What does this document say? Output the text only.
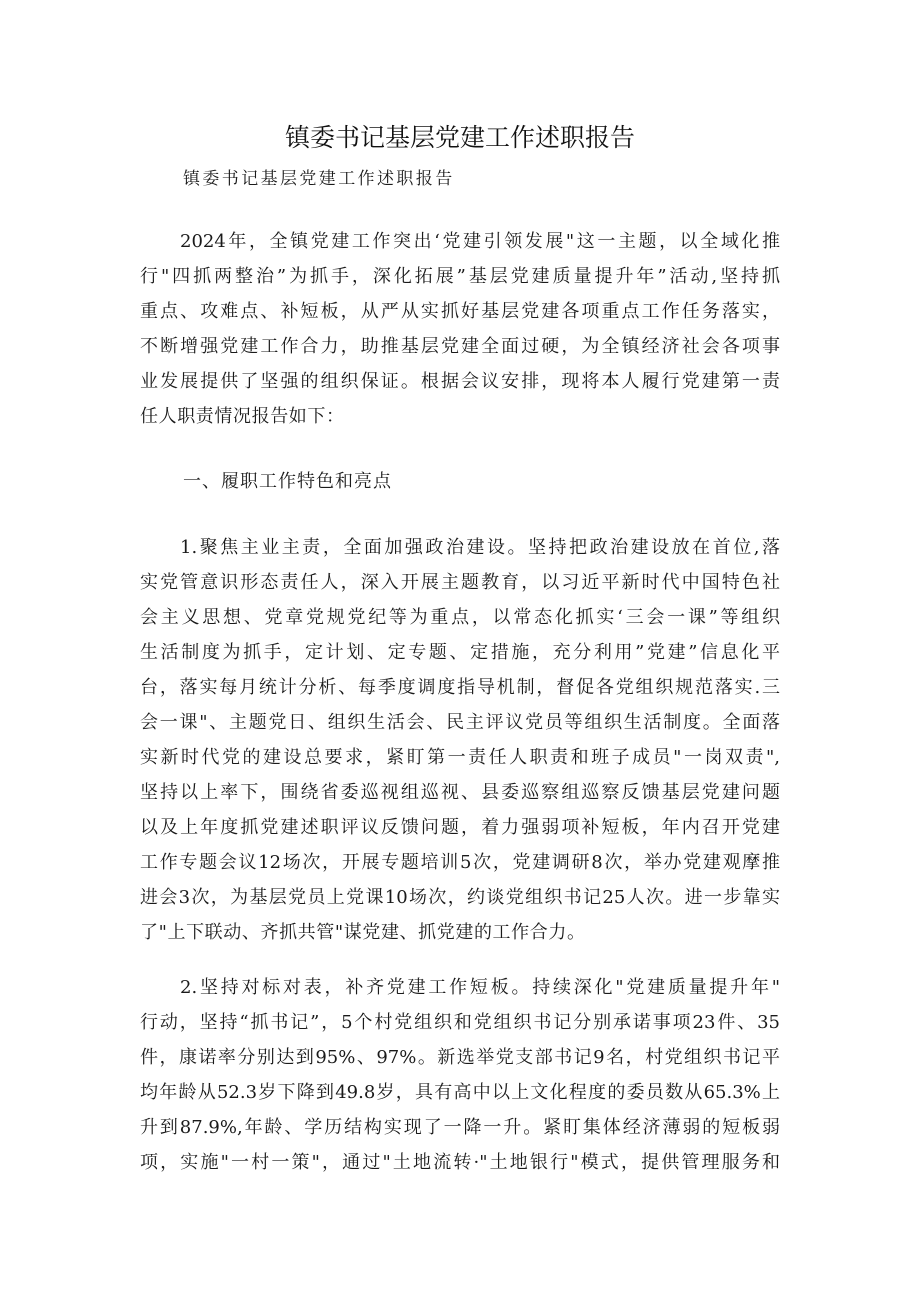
镇委书记基层党建工作述职报告
镇委书记基层党建工作述职报告
2024年，全镇党建工作突出‘党建引领发展"这一主题，以全域化推
行"四抓两整治”为抓手，深化拓展”基层党建质量提升年”活动,坚持抓
重点、攻难点、补短板，从严从实抓好基层党建各项重点工作任务落实，
不断增强党建工作合力，助推基层党建全面过硬，为全镇经济社会各项事
业发展提供了坚强的组织保证。根据会议安排，现将本人履行党建第一责
任人职责情况报告如下：
一、履职工作特色和亮点
1.聚焦主业主责，全面加强政治建设。坚持把政治建设放在首位,落
实党管意识形态责任人，深入开展主题教育，以习近平新时代中国特色社
会主义思想、党章党规党纪等为重点，以常态化抓实‘三会一课”等组织
生活制度为抓手，定计划、定专题、定措施，充分利用”党建”信息化平
台，落实每月统计分析、每季度调度指导机制，督促各党组织规范落实.三
会一课"、主题党日、组织生活会、民主评议党员等组织生活制度。全面落
实新时代党的建设总要求，紧盯第一责任人职责和班子成员"一岗双责",
坚持以上率下，围绕省委巡视组巡视、县委巡察组巡察反馈基层党建问题
以及上年度抓党建述职评议反馈问题，着力强弱项补短板，年内召开党建
工作专题会议12场次，开展专题培训5次，党建调研8次，举办党建观摩推
进会3次，为基层党员上党课10场次，约谈党组织书记25人次。进一步靠实
了"上下联动、齐抓共管"谋党建、抓党建的工作合力。
2.坚持对标对表，补齐党建工作短板。持续深化"党建质量提升年"
行动，坚持“抓书记”，5个村党组织和党组织书记分别承诺事项23件、35
件，康诺率分别达到95%、97%。新选举党支部书记9名，村党组织书记平
均年龄从52.3岁下降到49.8岁，具有高中以上文化程度的委员数从65.3%上
升到87.9%,年龄、学历结构实现了一降一升。紧盯集体经济薄弱的短板弱
项，实施"一村一策"，通过"土地流转·"土地银行"模式，提供管理服务和
